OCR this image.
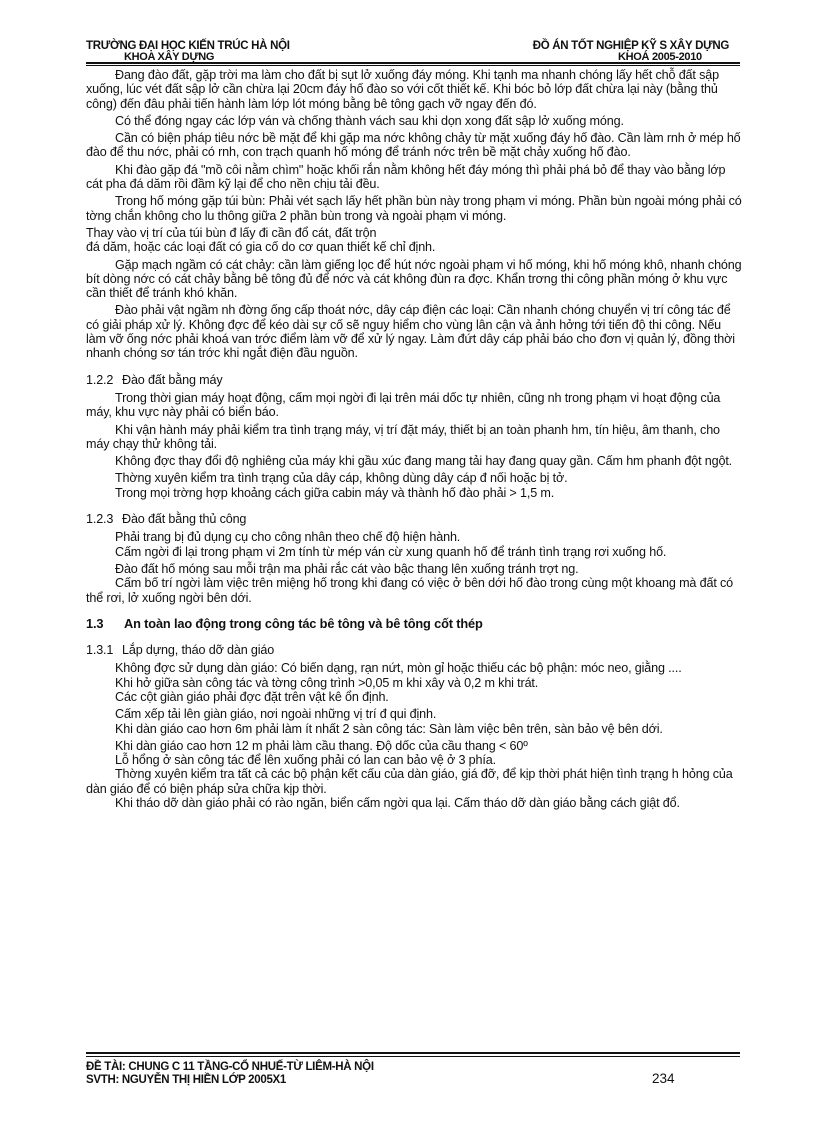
TRƯỜNG ĐẠI HỌC KIẾN TRÚC HÀ NỘI
KHOA XÂY DỰNG
ĐỒ ÁN TỐT NGHIỆP KỸ S XÂY DỰNG
KHOÁ 2005-2010

Đang đào đất, gặp trời ma làm cho đất bị sụt lở xuống đáy móng. Khi tạnh ma nhanh chóng lấy hết chỗ đất sập xuống, lúc vét đất sập lở cần chừa lại 20cm đáy hố đào so với cốt thiết kế. Khi bóc bỏ lớp đất chừa lại này (bằng thủ công) đến đâu phải tiến hành làm lớp lót móng bằng bê tông gạch vỡ ngay đến đó.

Có thể đóng ngay các lớp ván và chống thành vách sau khi dọn xong đất sập lở xuống móng.

Cần có biện pháp tiêu nớc bề mặt để khi gặp ma nớc không chảy từ mặt xuống đáy hố đào. Cần làm rnh ở mép hố đào để thu nớc, phải có rnh, con trạch quanh hố móng để tránh nớc trên bề mặt chảy xuống hố đào.

Khi đào gặp đá "mồ côi nằm chìm" hoặc khối rắn nằm không hết đáy móng thì phải phá bỏ để thay vào bằng lớp cát pha đá dăm rồi đầm kỹ lại để cho nền chịu tải đều.

Trong hố móng gặp túi bùn: Phải vét sạch lấy hết phần bùn này trong phạm vi móng. Phần bùn ngoài móng phải có tờng chắn không cho lu thông giữa 2 phần bùn trong và ngoài phạm vi móng.

Thay vào vị trí của túi bùn đ lấy đi cần đổ cát, đất trộn

đá dăm, hoặc các loại đất có gia cố do cơ quan thiết kế chỉ định.

Gặp mạch ngầm có cát chảy: cần làm giếng lọc để hút nớc ngoài phạm vi hố móng, khi hố móng khô, nhanh chóng bít dòng nớc có cát chảy bằng bê tông đủ để nớc và cát không đùn ra đợc. Khẩn trơng thi công phần móng ở khu vực cần thiết để tránh khó khăn.

Đào phải vật ngầm nh đờng ống cấp thoát nớc, dây cáp điện các loại: Cần nhanh chóng chuyển vị trí công tác để có giải pháp xử lý. Không đợc để kéo dài sự cố sẽ nguy hiểm cho vùng lân cận và ảnh hởng tới tiến độ thi công. Nếu làm vỡ ống nớc phải khoá van trớc điểm làm vỡ để xử lý ngay. Làm đứt dây cáp phải báo cho đơn vị quản lý, đồng thời nhanh chóng sơ tán trớc khi ngắt điện đầu nguồn.

1.2.2 Đào đất bằng máy

Trong thời gian máy hoạt động, cấm mọi ngời đi lại trên mái dốc tự nhiên, cũng nh trong phạm vi hoạt động của máy, khu vực này phải có biển báo.

Khi vận hành máy phải kiểm tra tình trạng máy, vị trí đặt máy, thiết bị an toàn phanh hm, tín hiệu, âm thanh, cho máy chạy thử không tải.

Không đợc thay đổi độ nghiêng của máy khi gầu xúc đang mang tải hay đang quay gần. Cấm hm phanh đột ngột.

Thờng xuyên kiểm tra tình trạng của dây cáp, không dùng dây cáp đ nối hoặc bị tở.

Trong mọi trờng hợp khoảng cách giữa cabin máy và thành hố đào phải > 1,5 m.

1.2.3 Đào đất bằng thủ công

Phải trang bị đủ dụng cụ cho công nhân theo chế độ hiện hành.

Cấm ngời đi lại trong phạm vi 2m tính từ mép ván cừ xung quanh hố để tránh tình trạng rơi xuống hố.

Đào đất hố móng sau mỗi trận ma phải rắc cát vào bậc thang lên xuống tránh trợt ng.

Cấm bố trí ngời làm việc trên miệng hố trong khi đang có việc ở bên dới hố đào trong cùng một khoang mà đất có thể rơi, lở xuống ngời bên dới.

1.3 An toàn lao động trong công tác bê tông và bê tông cốt thép
1.3.1 Lắp dựng, tháo dỡ dàn giáo

Không đợc sử dụng dàn giáo: Có biến dạng, rạn nứt, mòn gỉ hoặc thiếu các bộ phận: móc neo, giằng ....

Khi hở giữa sàn công tác và tờng công trình >0,05 m khi xây và 0,2 m khi trát.

Các cột giàn giáo phải đợc đặt trên vật kê ổn định.

Cấm xếp tải lên giàn giáo, nơi ngoài những vị trí đ qui định.

Khi dàn giáo cao hơn 6m phải làm ít nhất 2 sàn công tác: Sàn làm việc bên trên, sàn bảo vệ bên dới.

Khi dàn giáo cao hơn 12 m phải làm cầu thang. Độ dốc của cầu thang < 60º

Lỗ hổng ở sàn công tác để lên xuống phải có lan can bảo vệ ở 3 phía.

Thờng xuyên kiểm tra tất cả các bộ phận kết cấu của dàn giáo, giá đỡ, để kịp thời phát hiện tình trạng h hỏng của dàn giáo để có biện pháp sửa chữa kịp thời.

Khi tháo dỡ dàn giáo phải có rào ngăn, biển cấm ngời qua lại. Cấm tháo dỡ dàn giáo bằng cách giật đổ.

ĐỀ TÀI: CHUNG C 11 TẦNG-CỔ NHUẾ-TỪ LIÊM-HÀ NỘI
SVTH: NGUYỄN THỊ HIỀN LỚP 2005X1	234
